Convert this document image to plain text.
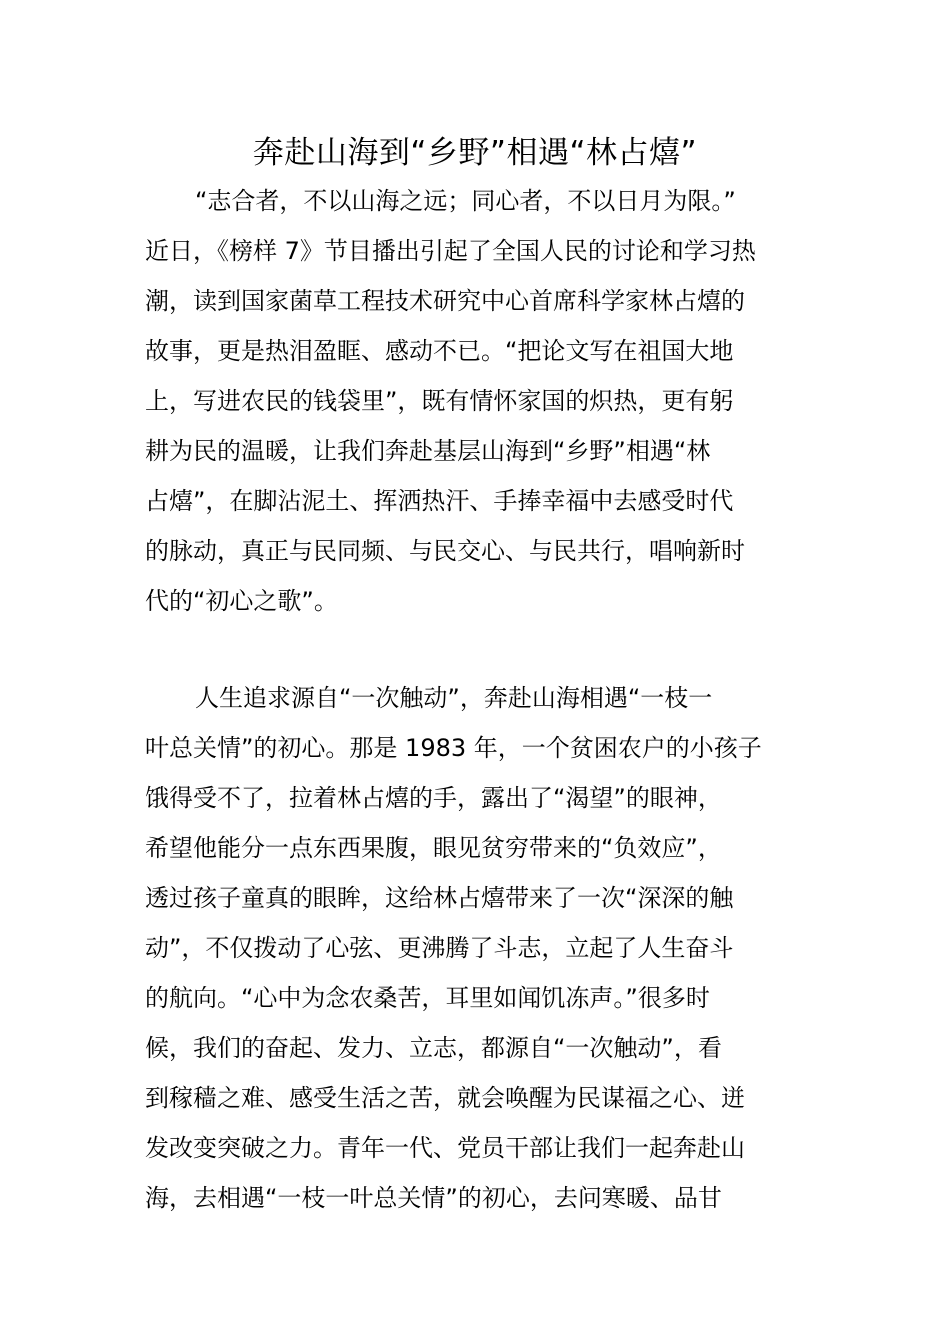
奔赴山海到“乡野”相遇“林占熺”
“志合者，不以山海之远；同心者，不以日月为限。”
近日，《榜样 7》节目播出引起了全国人民的讨论和学习热
潮，读到国家菌草工程技术研究中心首席科学家林占熺的
故事，更是热泪盈眶、感动不已。“把论文写在祖国大地
上，写进农民的钱袋里”，既有情怀家国的炽热，更有躬
耕为民的温暖，让我们奔赴基层山海到“乡野”相遇“林
占熺”，在脚沾泥土、挥洒热汗、手捧幸福中去感受时代
的脉动，真正与民同频、与民交心、与民共行，唱响新时
代的“初心之歌”。
人生追求源自“一次触动”，奔赴山海相遇“一枝一
叶总关情”的初心。那是 1983 年，一个贫困农户的小孩子
饿得受不了，拉着林占熺的手，露出了“渴望”的眼神，
希望他能分一点东西果腹，眼见贫穷带来的“负效应”，
透过孩子童真的眼眸，这给林占熺带来了一次“深深的触
动”，不仅拨动了心弦、更沸腾了斗志，立起了人生奋斗
的航向。“心中为念农桑苦，耳里如闻饥冻声。”很多时
候，我们的奋起、发力、立志，都源自“一次触动”，看
到稼穑之难、感受生活之苦，就会唤醒为民谋福之心、迸
发改变突破之力。青年一代、党员干部让我们一起奔赴山
海，去相遇“一枝一叶总关情”的初心，去问寒暖、品甘
